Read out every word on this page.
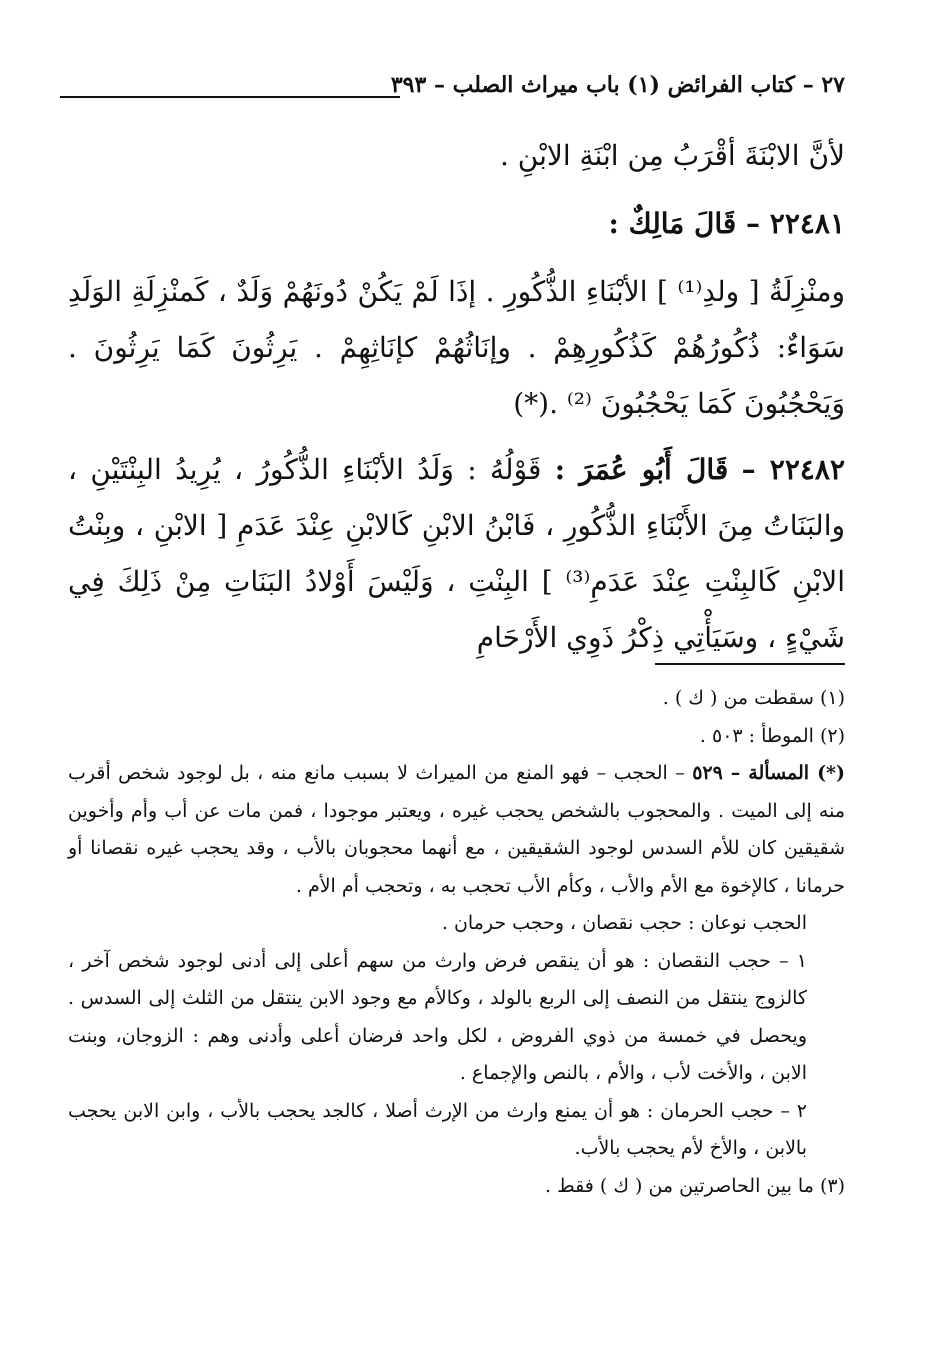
٢٧ – كتاب الفرائض (١) باب ميراث الصلب – ٣٩٣

لأنَّ الابْنَةَ أقْرَبُ مِن ابْنَةِ الابْنِ .

٢٢٤٨١ – قَالَ مَالِكٌ :

ومنْزِلَةُ [ ولدِ⁽¹⁾ ] الأبْنَاءِ الذُّكُورِ . إذَا لَمْ يَكُنْ دُونَهُمْ وَلَدٌ ، كَمنْزِلَةِ الوَلَدِ سَوَاءٌ: ذُكُورُهُمْ كَذُكُورِهِمْ . وإنَاثُهُمْ كإنَاثِهِمْ . يَرِثُونَ كَمَا يَرِثُونَ . وَيَحْجُبُونَ كَمَا يَحْجُبُونَ ⁽²⁾ .(*)

٢٢٤٨٢ – قَالَ أَبُو عُمَرَ : قَوْلُهُ : وَلَدُ الأبْنَاءِ الذُّكُورُ ، يُرِيدُ البِنْتَيْنِ ، والبَنَاتُ مِنَ الأَبْنَاءِ الذُّكُورِ ، فَابْنُ الابْنِ كَالابْنِ عِنْدَ عَدَمِ [ الابْنِ ، وبِنْتُ الابْنِ كَالبِنْتِ عِنْدَ عَدَمِ⁽³⁾ ] البِنْتِ ، وَلَيْسَ أَوْلادُ البَنَاتِ مِنْ ذَلِكَ فِي شَيْءٍ ، وسَيَأْتِي ذِكْرُ ذَوِي الأَرْحَامِ

(١) سقطت من ( ك ) .

(٢) الموطأ : ٥٠٣ .

(*) المسألة – ٥٢٩ – الحجب – فهو المنع من الميراث لا بسبب مانع منه ، بل لوجود شخص أقرب منه إلى الميت . والمحجوب بالشخص يحجب غيره ، ويعتبر موجودا ، فمن مات عن أب وأم وأخوين شقيقين كان للأم السدس لوجود الشقيقين ، مع أنهما محجوبان بالأب ، وقد يحجب غيره نقصانا أو حرمانا ، كالإخوة مع الأم والأب ، وكأم الأب تحجب به ، وتحجب أم الأم .

الحجب نوعان : حجب نقصان ، وحجب حرمان .

١ – حجب النقصان : هو أن ينقص فرض وارث من سهم أعلى إلى أدنى لوجود شخص آخر ، كالزوج ينتقل من النصف إلى الربع بالولد ، وكالأم مع وجود الابن ينتقل من الثلث إلى السدس . ويحصل في خمسة من ذوي الفروض ، لكل واحد فرضان أعلى وأدنى وهم : الزوجان، وبنت الابن ، والأخت لأب ، والأم ، بالنص والإجماع .

٢ – حجب الحرمان : هو أن يمنع وارث من الإرث أصلا ، كالجد يحجب بالأب ، وابن الابن يحجب بالابن ، والأخ لأم يحجب بالأب.

(٣) ما بين الحاصرتين من ( ك ) فقط .
